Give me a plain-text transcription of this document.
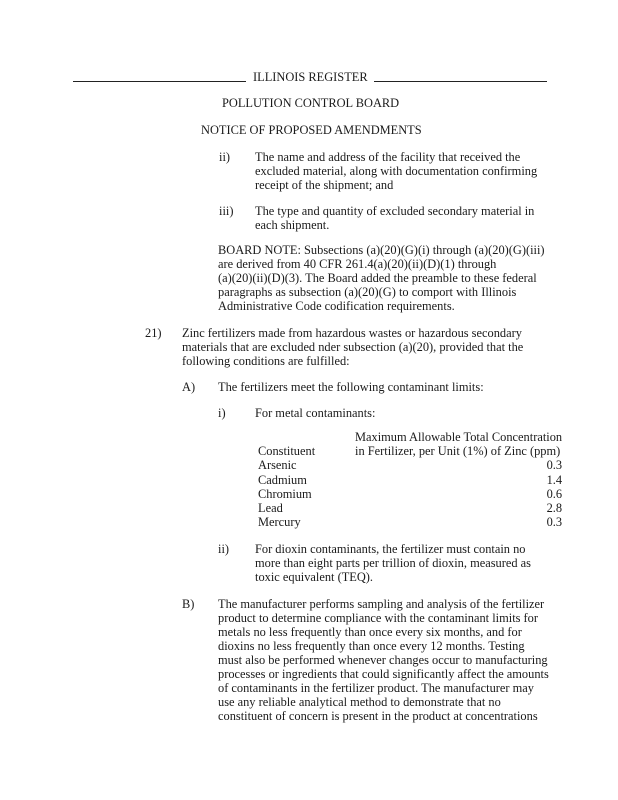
ILLINOIS REGISTER
POLLUTION CONTROL BOARD
NOTICE OF PROPOSED AMENDMENTS
ii) The name and address of the facility that received the
excluded material, along with documentation confirming
receipt of the shipment; and
iii) The type and quantity of excluded secondary material in
each shipment.
BOARD NOTE: Subsections (a)(20)(G)(i) through (a)(20)(G)(iii)
are derived from 40 CFR 261.4(a)(20)(ii)(D)(1) through
(a)(20)(ii)(D)(3). The Board added the preamble to these federal
paragraphs as subsection (a)(20)(G) to comport with Illinois
Administrative Code codification requirements.
21) Zinc fertilizers made from hazardous wastes or hazardous secondary
materials that are excluded nder subsection (a)(20), provided that the
following conditions are fulfilled:
A) The fertilizers meet the following contaminant limits:
i) For metal contaminants:
	Maximum Allowable Total Concentration
Constituent	in Fertilizer, per Unit (1%) of Zinc (ppm)
Arsenic	0.3
Cadmium	1.4
Chromium	0.6
Lead	2.8
Mercury	0.3
ii) For dioxin contaminants, the fertilizer must contain no
more than eight parts per trillion of dioxin, measured as
toxic equivalent (TEQ).
B) The manufacturer performs sampling and analysis of the fertilizer
product to determine compliance with the contaminant limits for
metals no less frequently than once every six months, and for
dioxins no less frequently than once every 12 months. Testing
must also be performed whenever changes occur to manufacturing
processes or ingredients that could significantly affect the amounts
of contaminants in the fertilizer product. The manufacturer may
use any reliable analytical method to demonstrate that no
constituent of concern is present in the product at concentrations
